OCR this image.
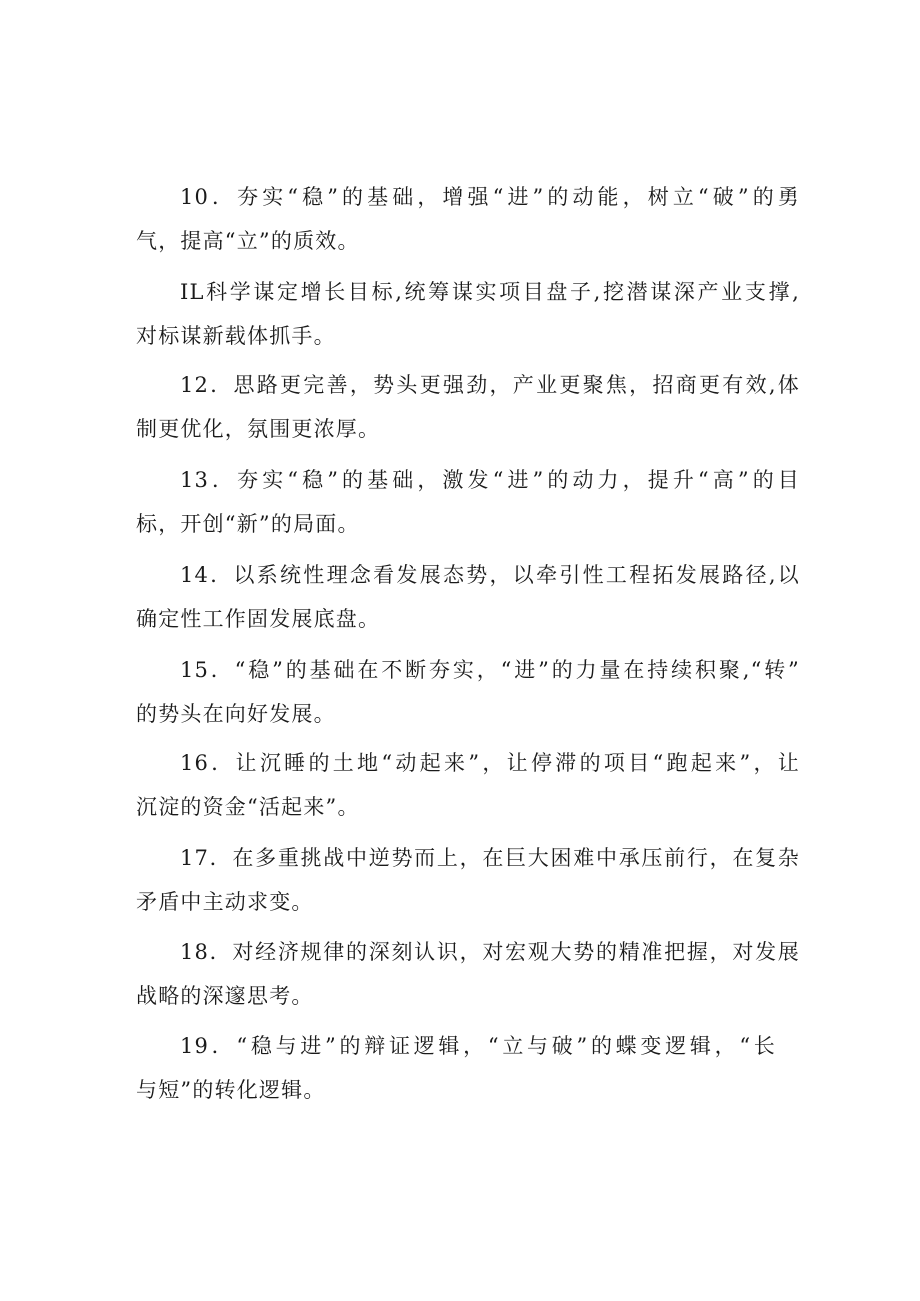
10．夯实“稳”的基础，增强“进”的动能，树立“破”的勇
气，提高“立”的质效。
IL科学谋定增长目标,统筹谋实项目盘子,挖潜谋深产业支撑,
对标谋新载体抓手。
12．思路更完善，势头更强劲，产业更聚焦，招商更有效,体
制更优化，氛围更浓厚。
13．夯实“稳”的基础，激发“进”的动力，提升“高”的目
标，开创“新”的局面。
14．以系统性理念看发展态势，以牵引性工程拓发展路径,以
确定性工作固发展底盘。
15．“稳”的基础在不断夯实，“进”的力量在持续积聚,“转”
的势头在向好发展。
16．让沉睡的土地“动起来”，让停滞的项目“跑起来”，让
沉淀的资金“活起来”。
17．在多重挑战中逆势而上，在巨大困难中承压前行，在复杂
矛盾中主动求变。
18．对经济规律的深刻认识，对宏观大势的精准把握，对发展
战略的深邃思考。
19．“稳与进”的辩证逻辑，“立与破”的蝶变逻辑，“长
与短”的转化逻辑。
